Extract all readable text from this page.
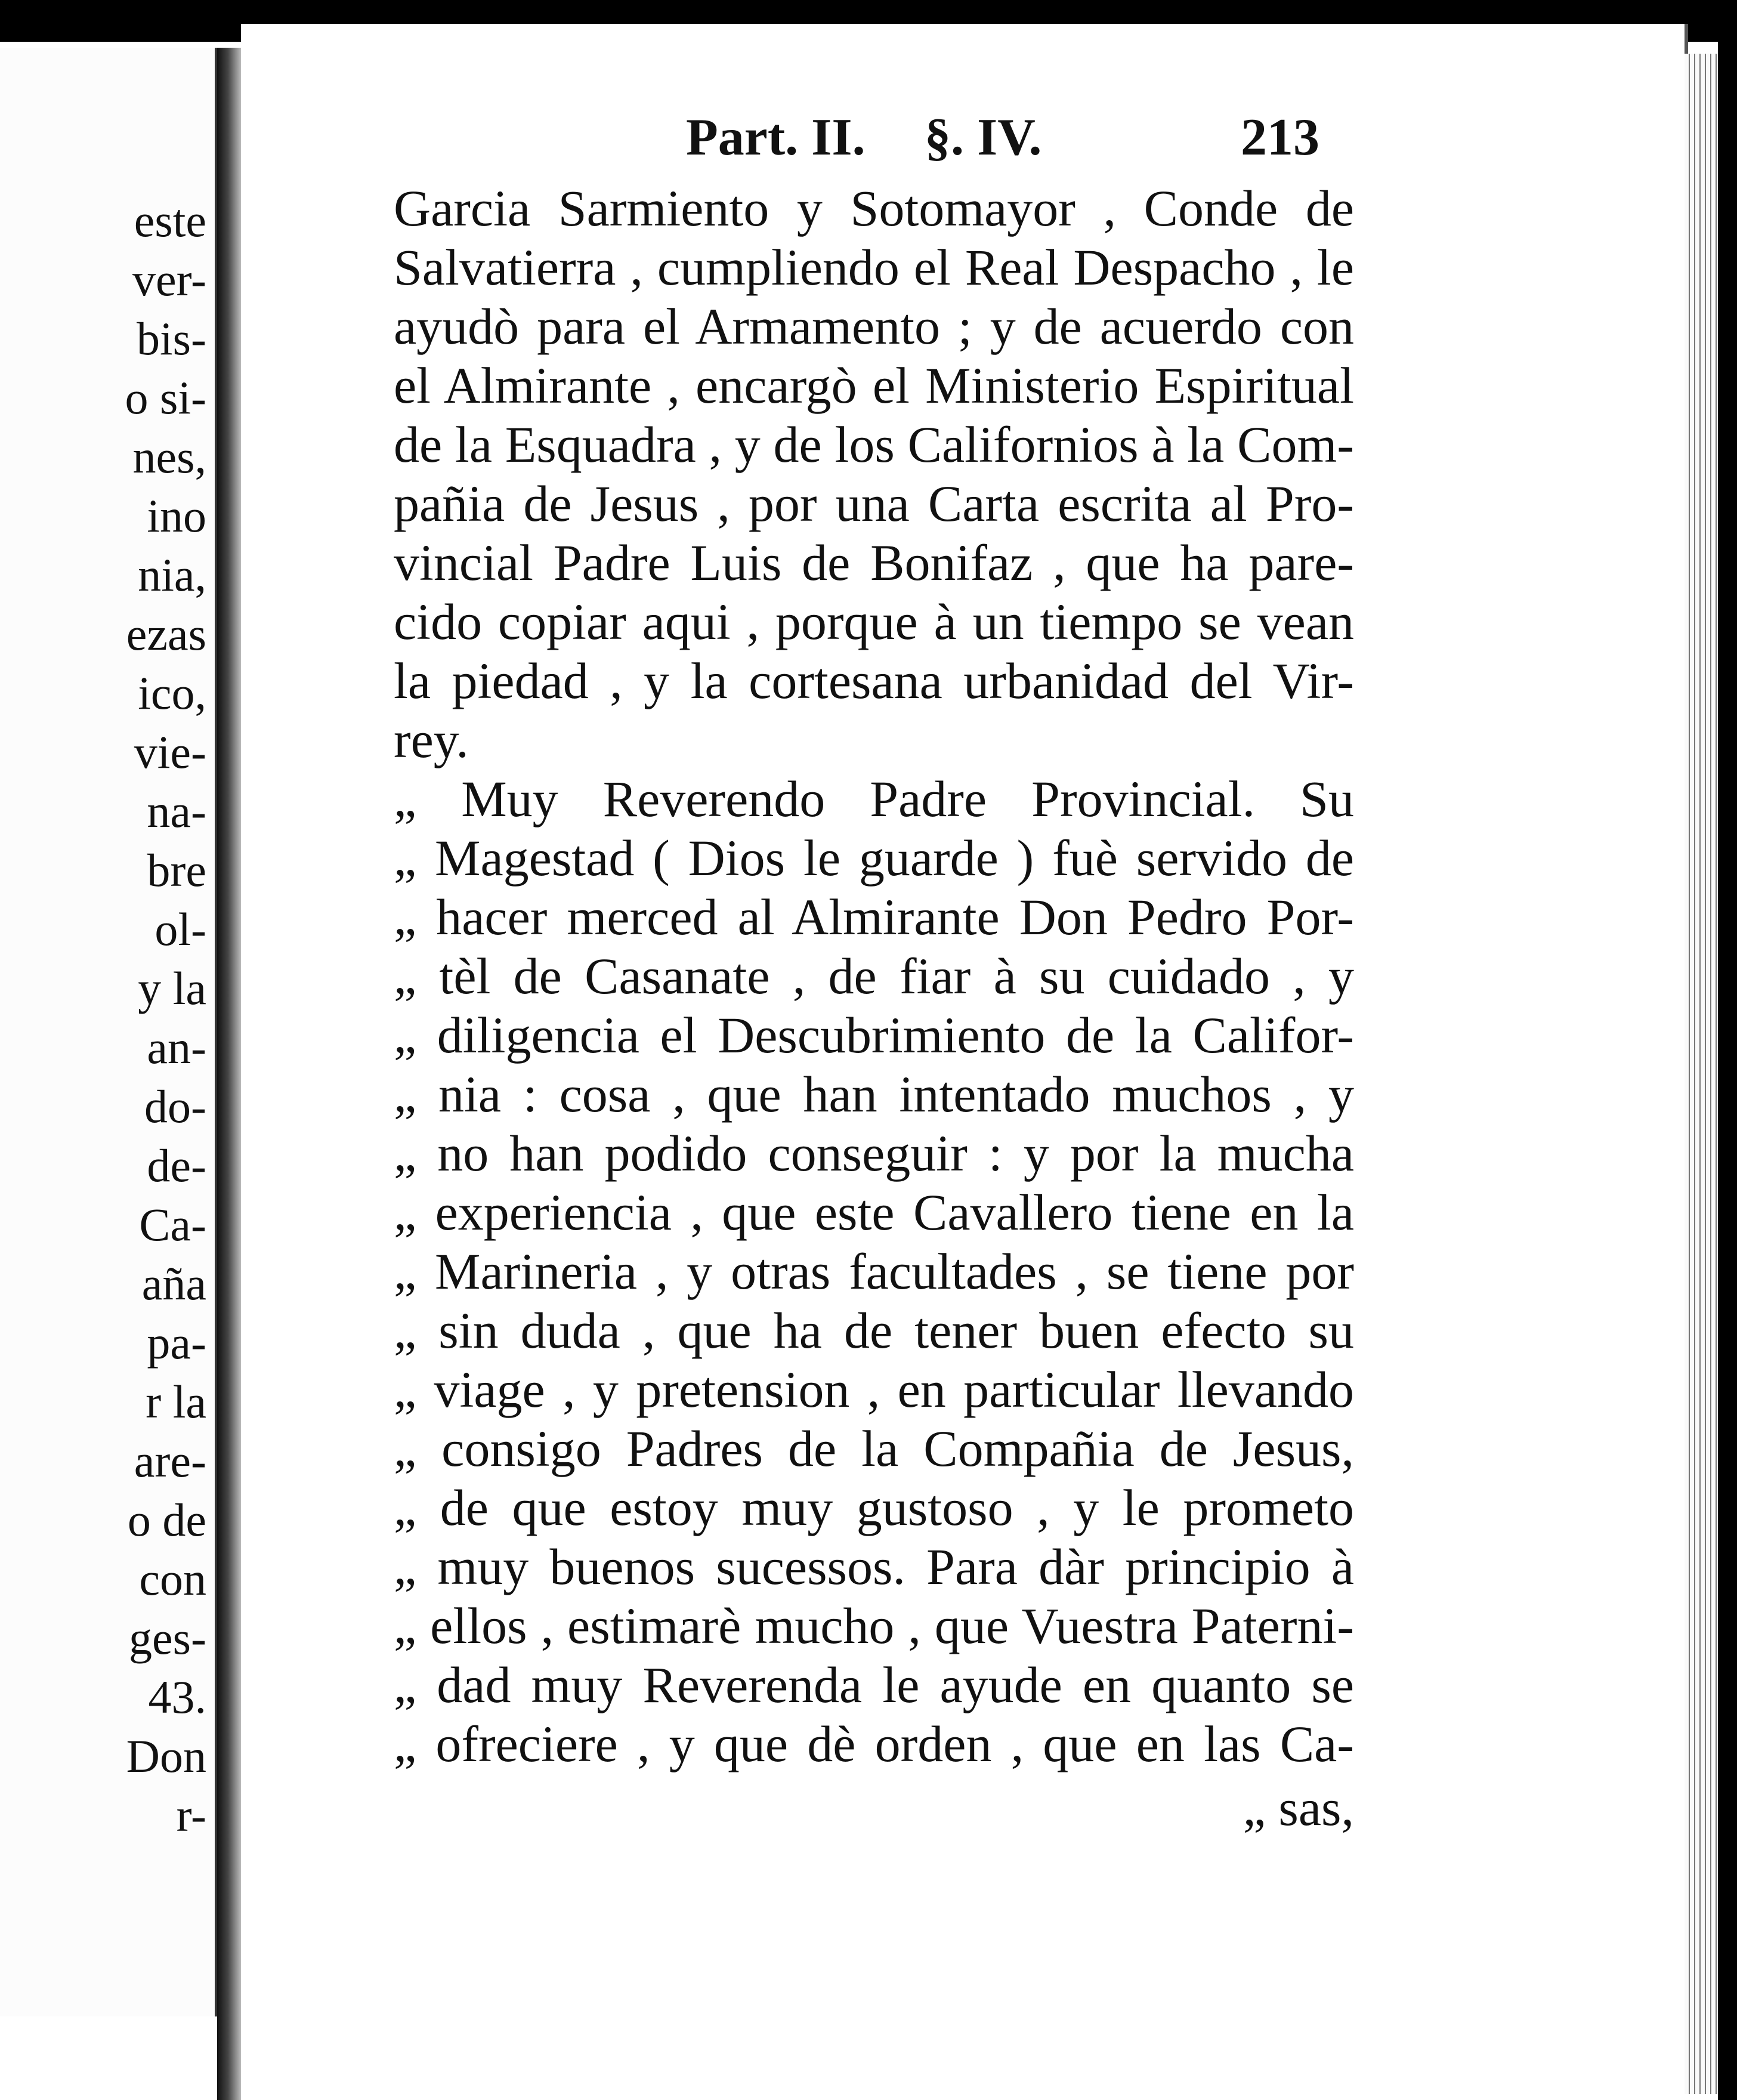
este
ver-
bis-
o si-
nes,
ino
nia,
ezas
ico,
vie-
na-
bre
ol-
y la
an-
do-
de-
Ca-
aña
pa-
r la
are-
o de
con
ges-
43.
Don
r-
Part. II. §. IV.	213
Garcia Sarmiento y Sotomayor , Conde de
Salvatierra , cumpliendo el Real Despacho , le
ayudò para el Armamento ; y de acuerdo con
el Almirante , encargò el Ministerio Espiritual
de la Esquadra , y de los Californios à la Com-
pañia de Jesus , por una Carta escrita al Pro-
vincial Padre Luis de Bonifaz , que ha pare-
cido copiar aqui , porque à un tiempo se vean
la piedad , y la cortesana urbanidad del Vir-
rey.
„ Muy Reverendo Padre Provincial. Su
„ Magestad ( Dios le guarde ) fuè servido de
„ hacer merced al Almirante Don Pedro Por-
„ tèl de Casanate , de fiar à su cuidado , y
„ diligencia el Descubrimiento de la Califor-
„ nia : cosa , que han intentado muchos , y
„ no han podido conseguir : y por la mucha
„ experiencia , que este Cavallero tiene en la
„ Marineria , y otras facultades , se tiene por
„ sin duda , que ha de tener buen efecto su
„ viage , y pretension , en particular llevando
„ consigo Padres de la Compañia de Jesus,
„ de que estoy muy gustoso , y le prometo
„ muy buenos sucessos. Para dàr principio à
„ ellos , estimarè mucho , que Vuestra Paterni-
„ dad muy Reverenda le ayude en quanto se
„ ofreciere , y que dè orden , que en las Ca-
„ sas,
